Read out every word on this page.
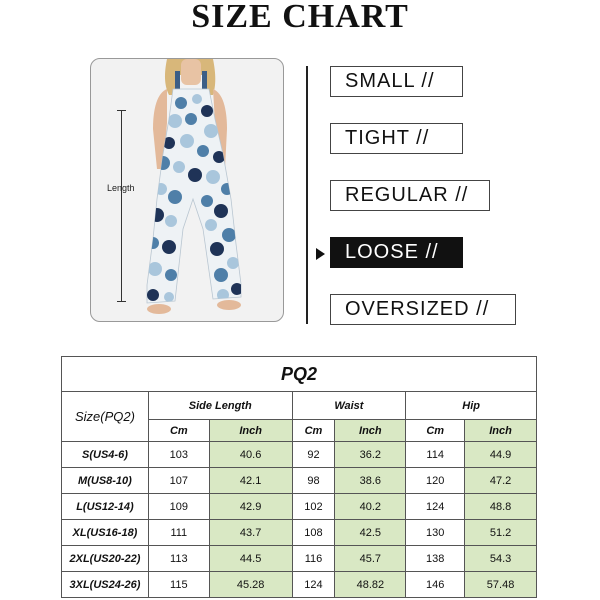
SIZE CHART
Length
SMALL //
TIGHT //
REGULAR //
LOOSE //
OVERSIZED //
PQ2						
Size(PQ2)	Side Length		Waist		Hip	
	Cm	Inch	Cm	Inch	Cm	Inch
S(US4-6)	103	40.6	92	36.2	114	44.9
M(US8-10)	107	42.1	98	38.6	120	47.2
L(US12-14)	109	42.9	102	40.2	124	48.8
XL(US16-18)	111	43.7	108	42.5	130	51.2
2XL(US20-22)	113	44.5	116	45.7	138	54.3
3XL(US24-26)	115	45.28	124	48.82	146	57.48
